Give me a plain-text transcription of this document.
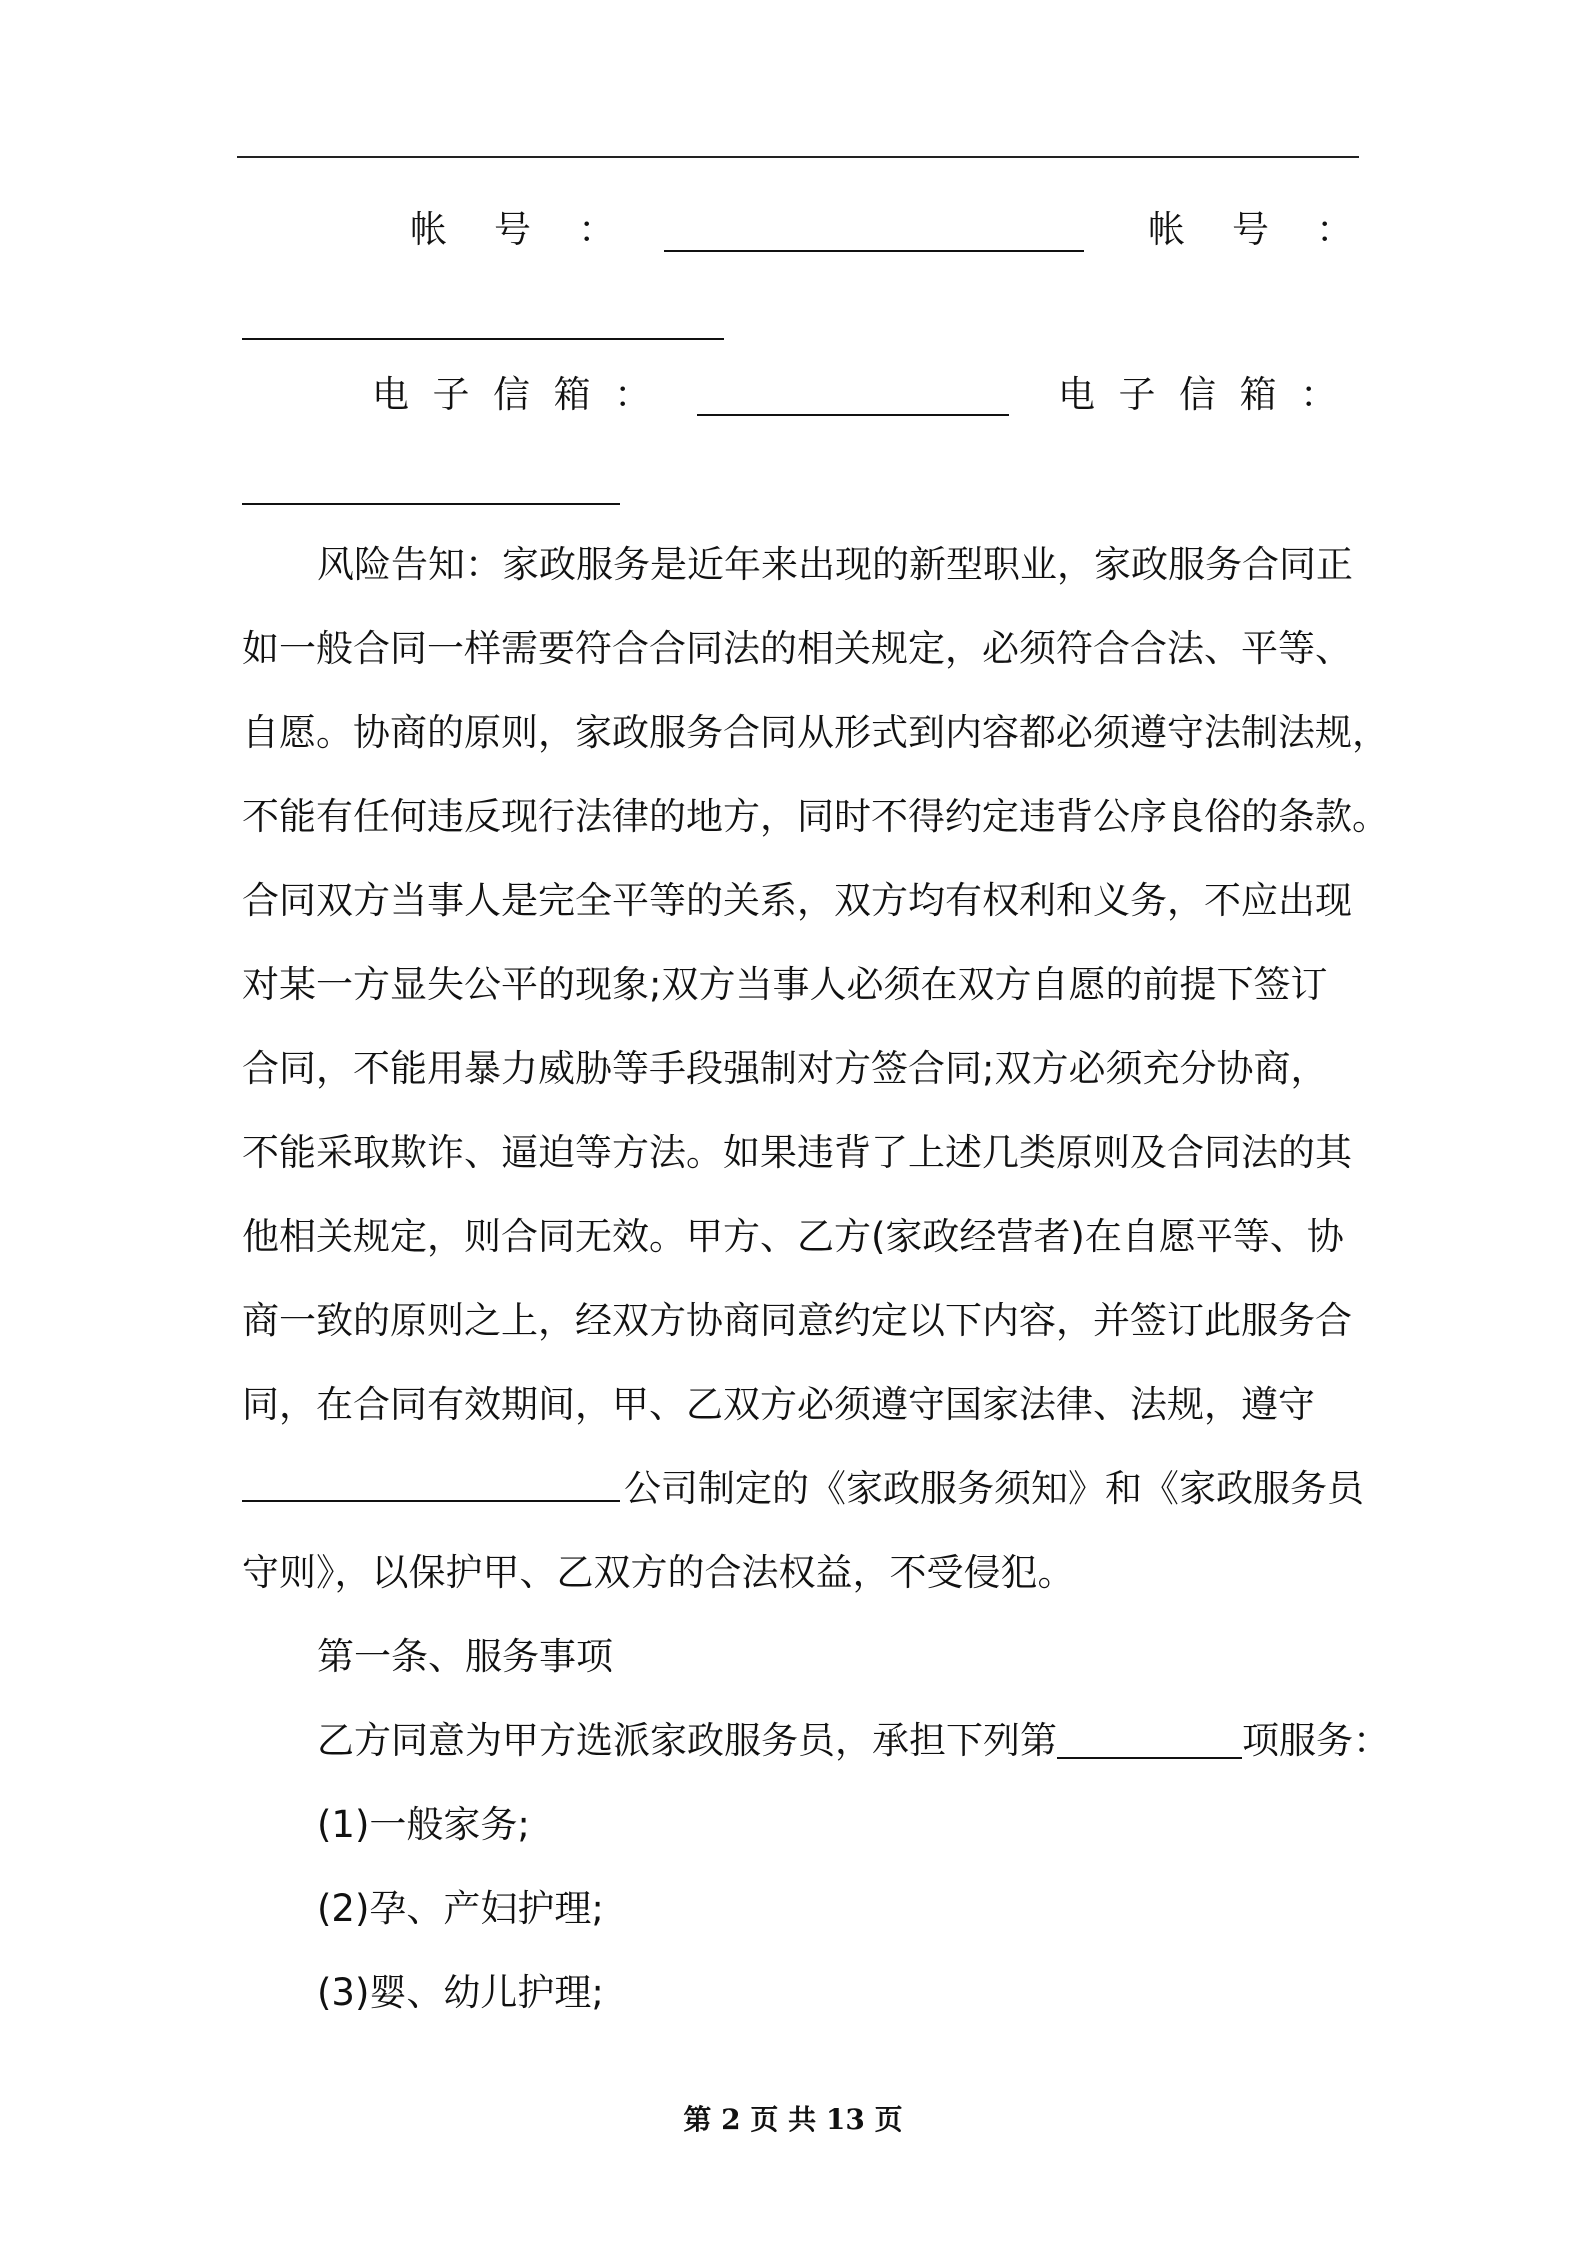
帐    号    ：	帐    号    ：
电  子  信  箱  ：	电  子  信  箱  ：
风险告知：家政服务是近年来出现的新型职业，家政服务合同正
如一般合同一样需要符合合同法的相关规定，必须符合合法、平等、
自愿。协商的原则，家政服务合同从形式到内容都必须遵守法制法规，
不能有任何违反现行法律的地方，同时不得约定违背公序良俗的条款。
合同双方当事人是完全平等的关系，双方均有权利和义务，不应出现
对某一方显失公平的现象;双方当事人必须在双方自愿的前提下签订
合同，不能用暴力威胁等手段强制对方签合同;双方必须充分协商，
不能采取欺诈、逼迫等方法。如果违背了上述几类原则及合同法的其
他相关规定，则合同无效。甲方、乙方(家政经营者)在自愿平等、协
商一致的原则之上，经双方协商同意约定以下内容，并签订此服务合
同，在合同有效期间，甲、乙双方必须遵守国家法律、法规，遵守
公司制定的《家政服务须知》和《家政服务员
守则》，以保护甲、乙双方的合法权益，不受侵犯。
第一条、服务事项
乙方同意为甲方选派家政服务员，承担下列第	项服务：
(1)一般家务;
(2)孕、产妇护理;
(3)婴、幼儿护理;
第 2 页 共 13 页
